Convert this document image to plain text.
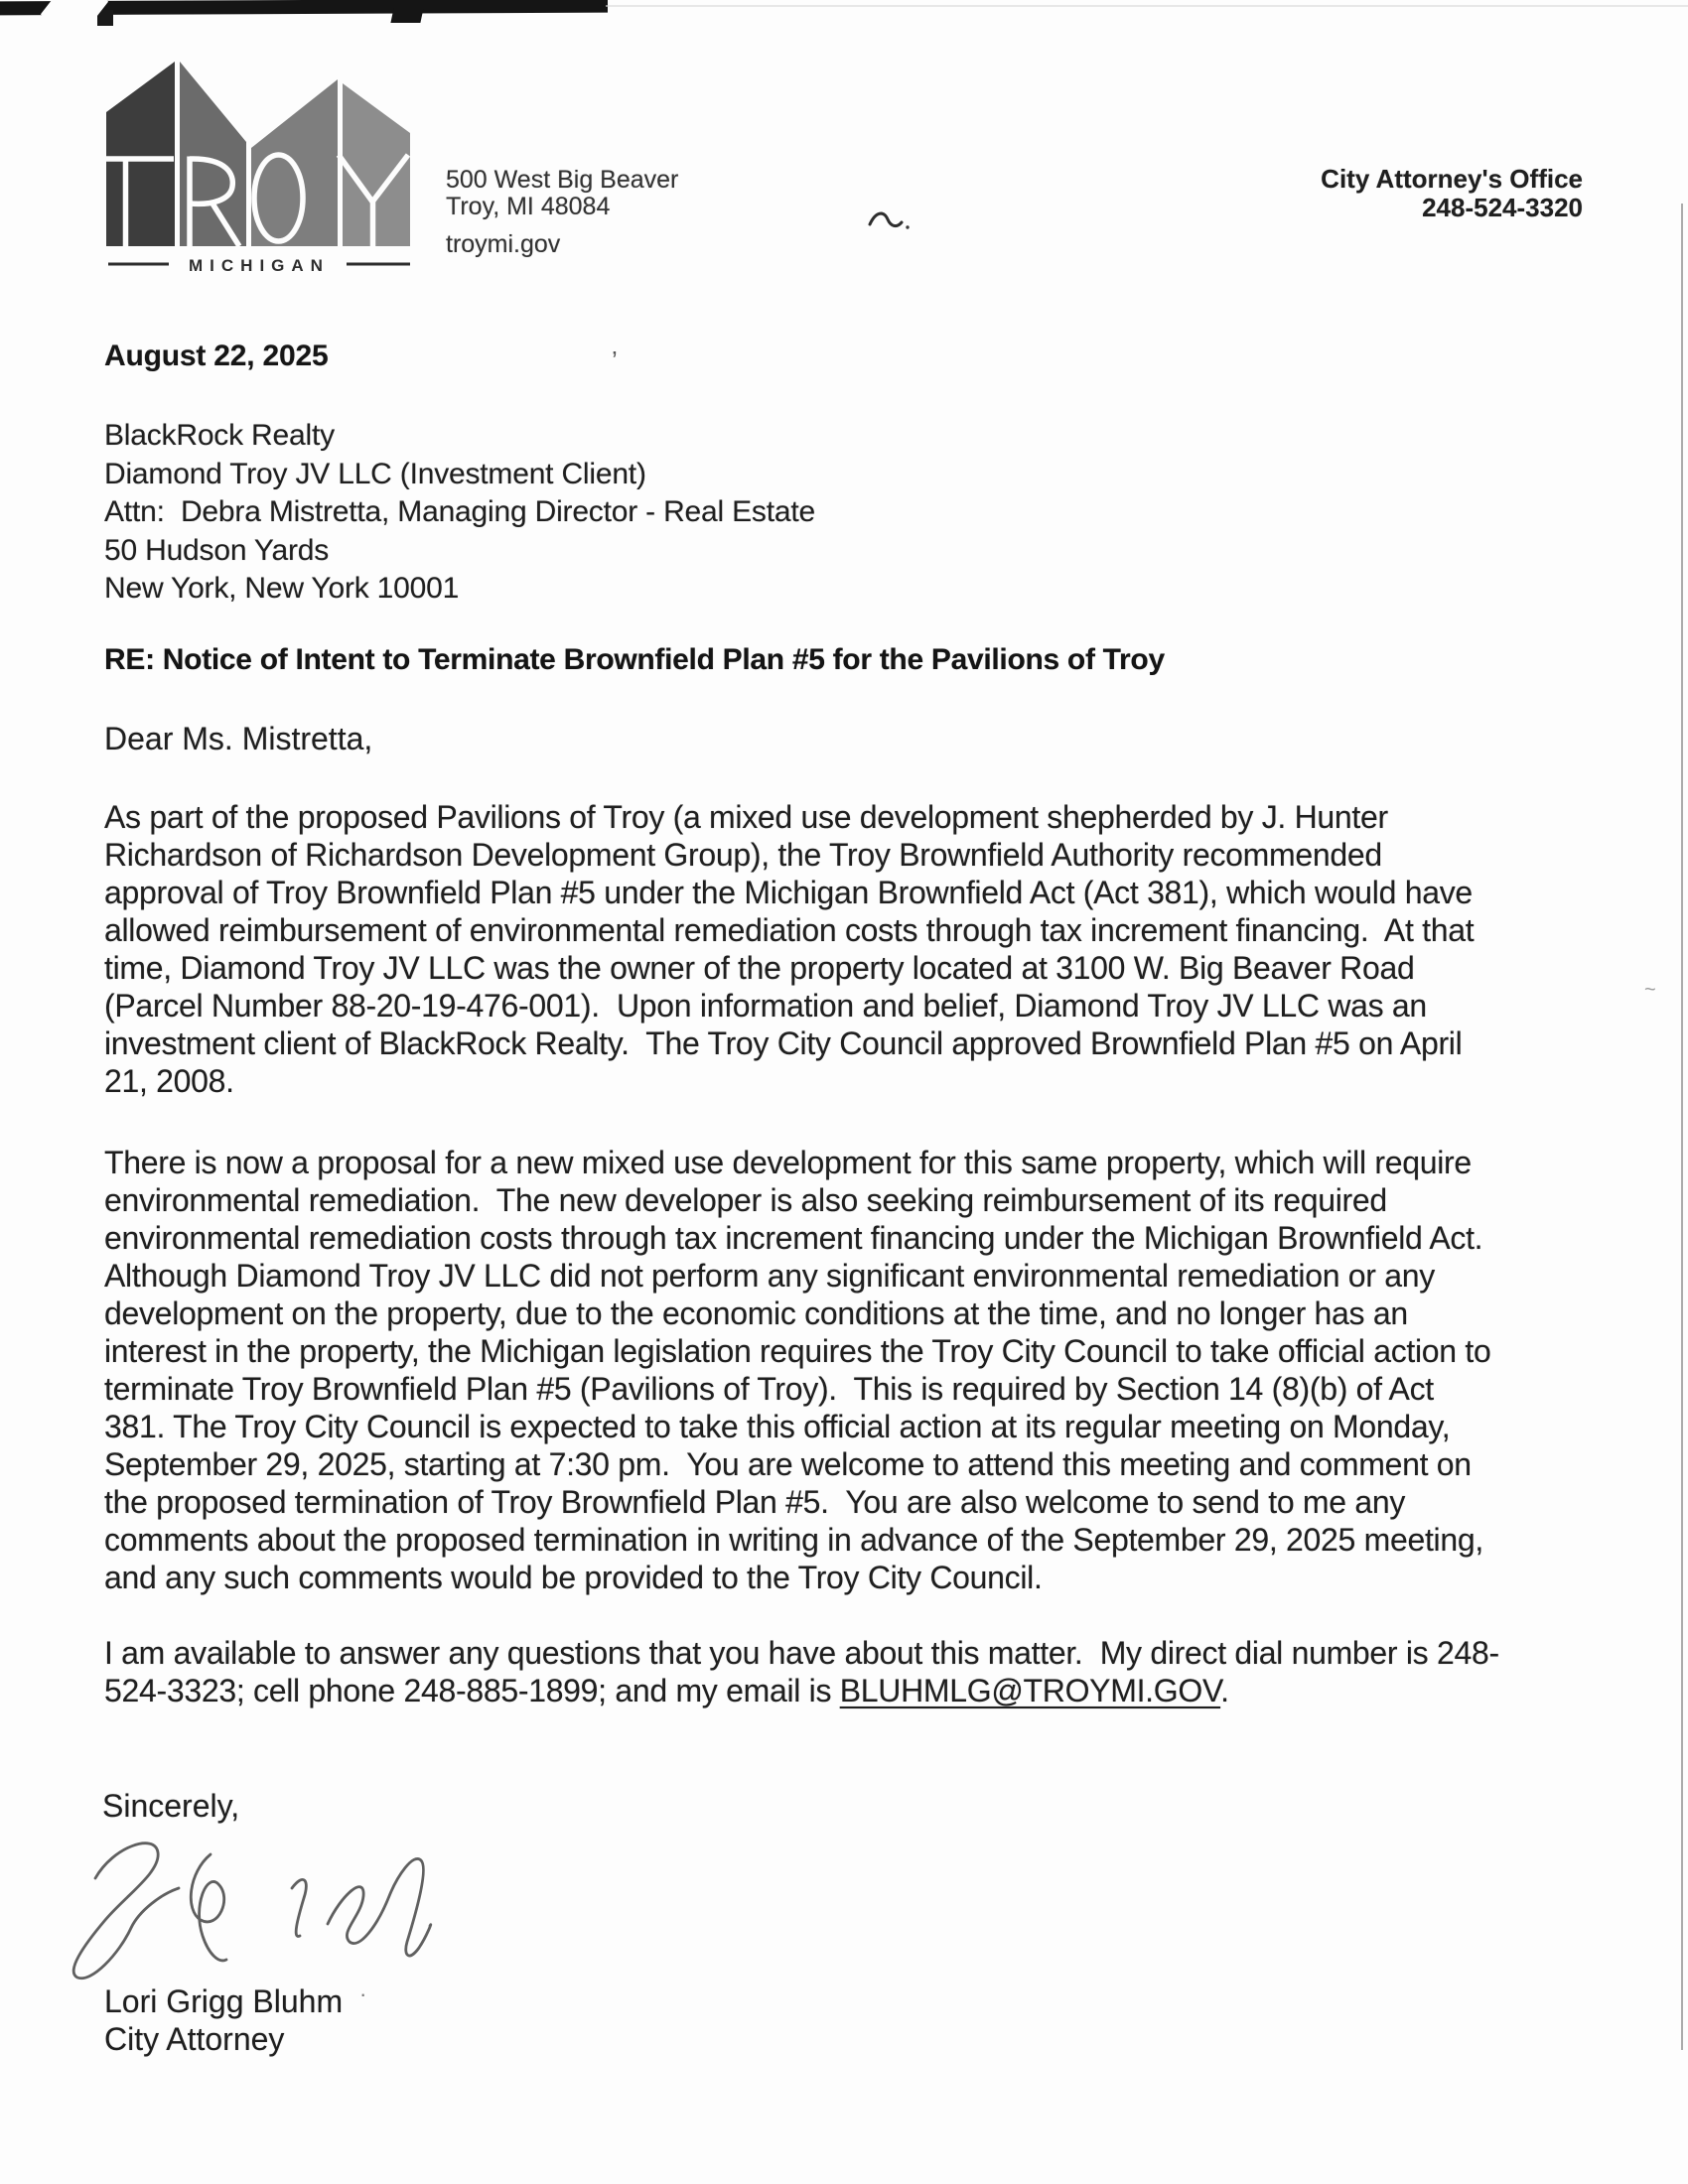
’
~
·
MICHIGAN
500 West Big Beaver
Troy, MI 48084
troymi.gov
City Attorney's Office
248-524-3320
August 22, 2025
BlackRock Realty
Diamond Troy JV LLC (Investment Client)
Attn:  Debra Mistretta, Managing Director - Real Estate
50 Hudson Yards
New York, New York 10001
RE: Notice of Intent to Terminate Brownfield Plan #5 for the Pavilions of Troy
Dear Ms. Mistretta,
As part of the proposed Pavilions of Troy (a mixed use development shepherded by J. Hunter
Richardson of Richardson Development Group), the Troy Brownfield Authority recommended
approval of Troy Brownfield Plan #5 under the Michigan Brownfield Act (Act 381), which would have
allowed reimbursement of environmental remediation costs through tax increment financing.  At that
time, Diamond Troy JV LLC was the owner of the property located at 3100 W. Big Beaver Road
(Parcel Number 88-20-19-476-001).  Upon information and belief, Diamond Troy JV LLC was an
investment client of BlackRock Realty.  The Troy City Council approved Brownfield Plan #5 on April
21, 2008.
There is now a proposal for a new mixed use development for this same property, which will require
environmental remediation.  The new developer is also seeking reimbursement of its required
environmental remediation costs through tax increment financing under the Michigan Brownfield Act.
Although Diamond Troy JV LLC did not perform any significant environmental remediation or any
development on the property, due to the economic conditions at the time, and no longer has an
interest in the property, the Michigan legislation requires the Troy City Council to take official action to
terminate Troy Brownfield Plan #5 (Pavilions of Troy).  This is required by Section 14 (8)(b) of Act
381. The Troy City Council is expected to take this official action at its regular meeting on Monday,
September 29, 2025, starting at 7:30 pm.  You are welcome to attend this meeting and comment on
the proposed termination of Troy Brownfield Plan #5.  You are also welcome to send to me any
comments about the proposed termination in writing in advance of the September 29, 2025 meeting,
and any such comments would be provided to the Troy City Council.
I am available to answer any questions that you have about this matter.  My direct dial number is 248-
524-3323; cell phone 248-885-1899; and my email is BLUHMLG@TROYMI.GOV.
Sincerely,
Lori Grigg Bluhm
City Attorney
